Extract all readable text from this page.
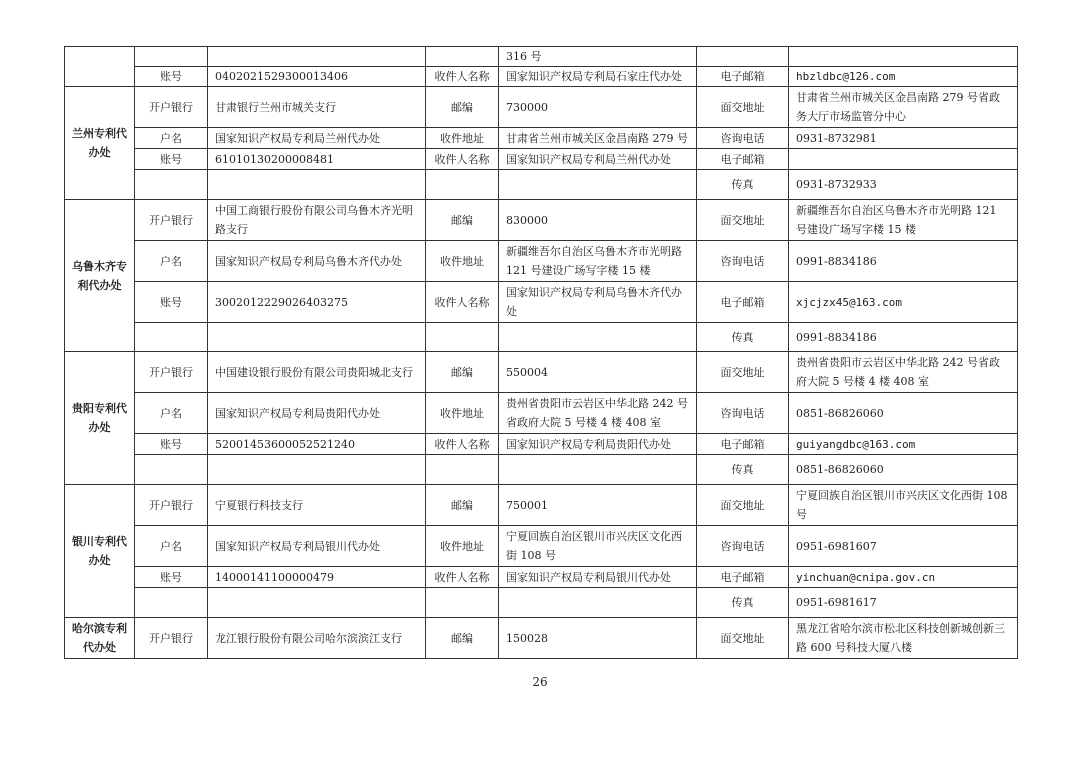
				316 号		
	账号	0402021529300013406	收件人名称	国家知识产权局专利局石家庄代办处	电子邮箱	hbzldbc@126.com
兰州专利代办处	开户银行	甘肃银行兰州市城关支行	邮编	730000	面交地址	甘肃省兰州市城关区金昌南路 279 号省政务大厅市场监管分中心
	户名	国家知识产权局专利局兰州代办处	收件地址	甘肃省兰州市城关区金昌南路 279 号	咨询电话	0931-8732981
	账号	61010130200008481	收件人名称	国家知识产权局专利局兰州代办处	电子邮箱	
					传真	0931-8732933
乌鲁木齐专利代办处	开户银行	中国工商银行股份有限公司乌鲁木齐光明路支行	邮编	830000	面交地址	新疆维吾尔自治区乌鲁木齐市光明路 121 号建设广场写字楼 15 楼
	户名	国家知识产权局专利局乌鲁木齐代办处	收件地址	新疆维吾尔自治区乌鲁木齐市光明路 121 号建设广场写字楼 15 楼	咨询电话	0991-8834186
	账号	3002012229026403275	收件人名称	国家知识产权局专利局乌鲁木齐代办处	电子邮箱	xjcjzx45@163.com
					传真	0991-8834186
贵阳专利代办处	开户银行	中国建设银行股份有限公司贵阳城北支行	邮编	550004	面交地址	贵州省贵阳市云岩区中华北路 242 号省政府大院 5 号楼 4 楼 408 室
	户名	国家知识产权局专利局贵阳代办处	收件地址	贵州省贵阳市云岩区中华北路 242 号省政府大院 5 号楼 4 楼 408 室	咨询电话	0851-86826060
	账号	52001453600052521240	收件人名称	国家知识产权局专利局贵阳代办处	电子邮箱	guiyangdbc@163.com
					传真	0851-86826060
银川专利代办处	开户银行	宁夏银行科技支行	邮编	750001	面交地址	宁夏回族自治区银川市兴庆区文化西街 108 号
	户名	国家知识产权局专利局银川代办处	收件地址	宁夏回族自治区银川市兴庆区文化西街 108 号	咨询电话	0951-6981607
	账号	14000141100000479	收件人名称	国家知识产权局专利局银川代办处	电子邮箱	yinchuan@cnipa.gov.cn
					传真	0951-6981617
哈尔滨专利代办处	开户银行	龙江银行股份有限公司哈尔滨滨江支行	邮编	150028	面交地址	黑龙江省哈尔滨市松北区科技创新城创新三路 600 号科技大厦八楼
26
